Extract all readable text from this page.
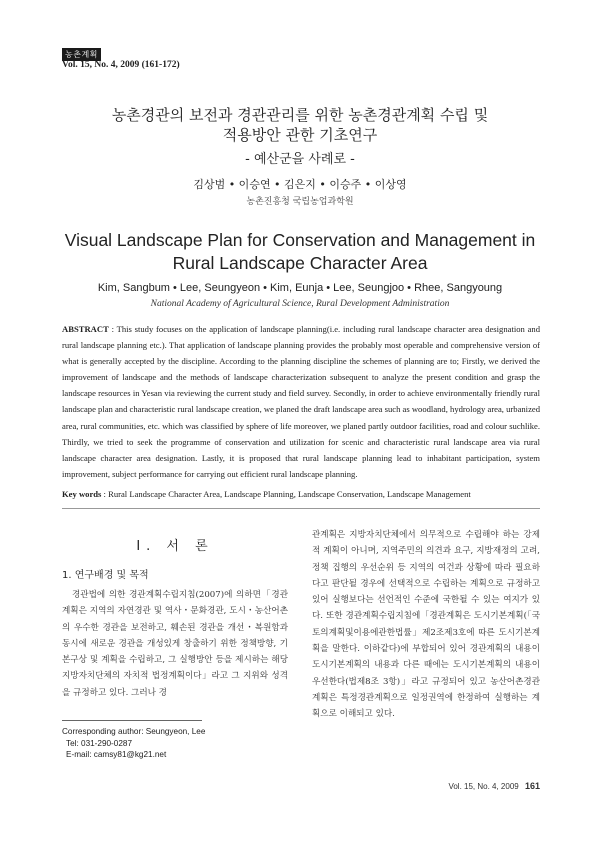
농촌계획
Vol. 15, No. 4, 2009 (161-172)
농촌경관의 보전과 경관관리를 위한 농촌경관계획 수립 및
적용방안 관한 기초연구
- 예산군을 사례로 -
김상범 • 이승연 • 김은지 • 이승주 • 이상영
농촌진흥청 국립농업과학원
Visual Landscape Plan for Conservation and Management in
Rural Landscape Character Area
Kim, Sangbum • Lee, Seungyeon • Kim, Eunja • Lee, Seungjoo • Rhee, Sangyoung
National Academy of Agricultural Science, Rural Development Administration
ABSTRACT : This study focuses on the application of landscape planning(i.e. including rural landscape character area designation and rural landscape planning etc.). That application of landscape planning provides the probably most operable and comprehensive version of what is generally accepted by the discipline. According to the planning discipline the schemes of planning are to; Firstly, we derived the improvement of landscape and the methods of landscape characterization subsequent to analyze the present condition and grasp the landscape resources in Yesan via reviewing the current study and field survey. Secondly, in order to achieve environmentally friendly rural landscape plan and characteristic rural landscape creation, we planed the draft landscape area such as woodland, hydrology area, urbanized area, rural communities, etc. which was classified by sphere of life moreover, we planed partly outdoor facilities, road and colour suchlike. Thirdly, we tried to seek the programme of conservation and utilization for scenic and characteristic rural landscape area via rural landscape character area designation. Lastly, it is proposed that rural landscape planning lead to inhabitant participation, system improvement, subject performance for carrying out efficient rural landscape planning.
Key words : Rural Landscape Character Area, Landscape Planning, Landscape Conservation, Landscape Management
I. 서 론
1. 연구배경 및 목적
경관법에 의한 경관계획수립지침(2007)에 의하면「경관계획은 지역의 자연경관 및 역사・문화경관, 도시・농산어촌의 우수한 경관을 보전하고, 훼손된 경관을 개선・복원함과 동시에 새로운 경관을 개성있게 창출하기 위한 정책방향, 기본구상 및 계획을 수립하고, 그 실행방안 등을 제시하는 해당지방자치단체의 자치적 법정계획이다」라고 그 지위와 성격을 규정하고 있다. 그러나 경
관계획은 지방자치단체에서 의무적으로 수립해야 하는 강제적 계획이 아니며, 지역주민의 의견과 요구, 지방재정의 고려, 정책 집행의 우선순위 등 지역의 여건과 상황에 따라 필요하다고 판단될 경우에 선택적으로 수립하는 계획으로 규정하고 있어 실행보다는 선언적인 수준에 국한될 수 있는 여지가 있다. 또한 경관계획수립지침에「경관계획은 도시기본계획(「국토의계획및이용에관한법률」제2조제3호에 따른 도시기본계획을 말한다. 이하같다)에 부합되어 있어 경관계획의 내용이 도시기본계획의 내용과 다른 때에는 도시기본계획의 내용이 우선한다(법제8조 3항)」라고 규정되어 있고 농산어촌경관계획은 특정경관계획으로 일정권역에 한정하여 실행하는 계획으로 이해되고 있다.
Corresponding author: Seungyeon, Lee
Tel: 031-290-0287
E-mail: camsy81@kg21.net
Vol. 15, No. 4, 2009 161
